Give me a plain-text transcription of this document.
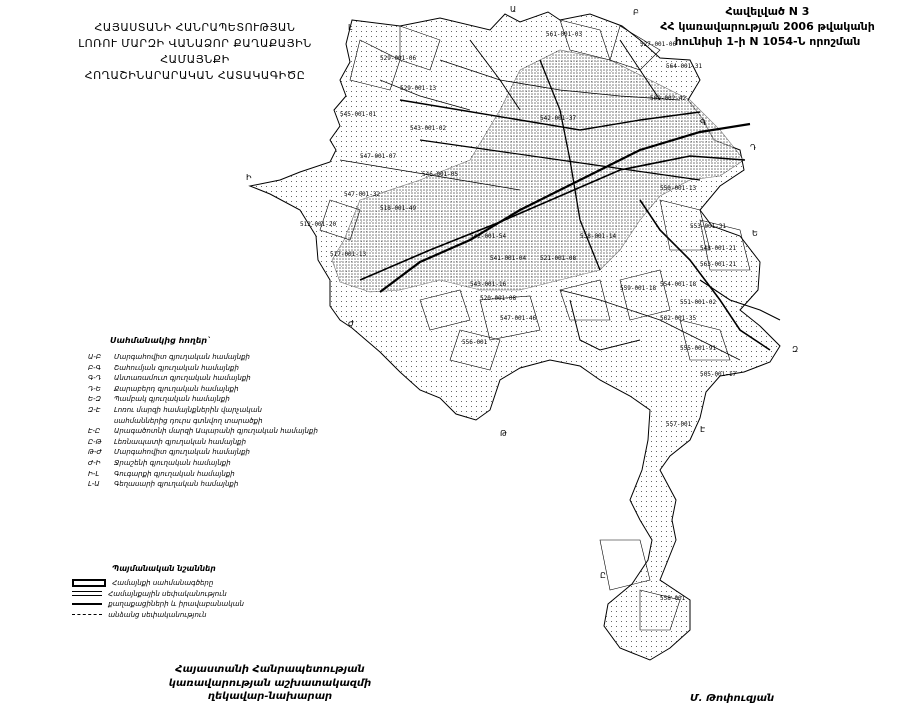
Ա	Բ
Գ
Դ
Ե
Զ
Է
Ը
Թ
Ժ
Ի
Լ
529-001-06
545-001-01
564-001-31
509-002-42
561-001-03
529-001-13
543-001-02
547-001-07
546-001-05
547-001-32
512-001-20
550-001-13
553-001-31
548-001-21
517-001-13
542-001-54
541-001-04 521-001-08
538-001-14
559-001-18
543-001-16	554-001-18
551-001-02
520-001-08
562-001-35
547-001-46
556-001
555-001-91
557-001
558-001
505-001-17
542-001-37
518-001-49
527-001-06
563-001-21
ՀԱՅԱՍՏԱՆԻ ՀԱՆՐԱՊԵՏՈՒԹՅԱՆ
ԼՈՌՈՒ ՄԱՐԶԻ ՎԱՆԱՁՈՐ ՔԱՂԱՔԱՅԻՆ ՀԱՄԱՅՆՔԻ
ՀՈՂԱՇԻՆԱՐԱՐԱԿԱՆ ՀԱՏԱԿԱԳԻԾԸ
Հավելված N 3
ՀՀ կառավարության 2006 թվականի
հունիսի 1-ի N 1054-Ն որոշման
Սահմանակից հողեր`
Ա-Բ Մարգահովիտ գյուղական համայնքի
Բ-Գ Շահումյան գյուղական համայնքի
Գ-Դ Անտառամուտ գյուղական համայնքի
Դ-Ե Քարաբերդ գյուղական համայնքի
Ե-Զ Պամբակ գյուղական համայնքի
Զ-Է Լոռու մարզի համայնքներին վարչական
սահմաններից դուրս գտնվող տարածքի
Է-Ը Արագածոտնի մարզի Ապարանի գյուղական համայնքի
Ը-Թ Լեռնապատի գյուղական համայնքի
Թ-Ժ Մարգահովիտ գյուղական համայնքի
Ժ-Ի Ջրաշենի գյուղական համայնքի
Ի-Լ Գուգարքի գյուղական համայնքի
Լ-Ա Գեղասարի գյուղական համայնքի
Պայմանական նշաններ
Համայնքի սահմանագծերը
Համայնքային սեփականություն
քաղաքացիների և իրավաբանական
անձանց սեփականություն
Հայաստանի Հանրապետության
կառավարության աշխատակազմի
ղեկավար-նախարար	Մ. Թոփուզյան
